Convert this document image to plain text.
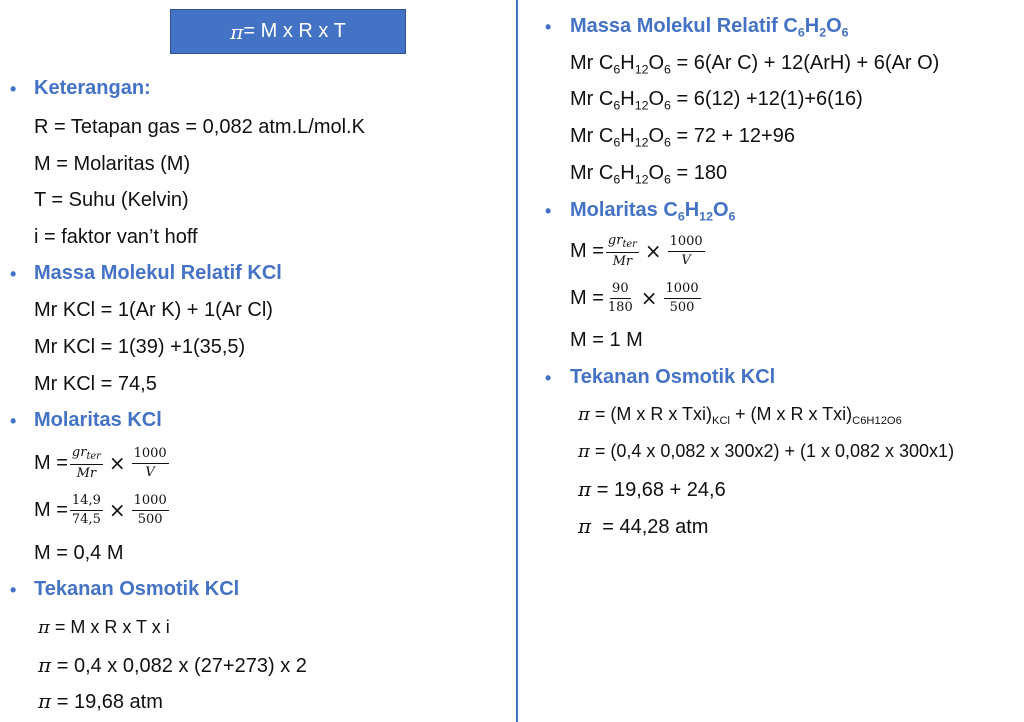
π = M x R x T
• Keterangan:
R = Tetapan gas = 0,082 atm.L/mol.K
M = Molaritas (M)
T = Suhu (Kelvin)
i = faktor van’t hoff
• Massa Molekul Relatif KCl
Mr KCl = 1(Ar K) + 1(Ar Cl)
Mr KCl = 1(39) +1(35,5)
Mr KCl = 74,5
• Molaritas KCl
$M = \frac{gr_{ter}}{Mr} \times \frac{1000}{V}$
$M = \frac{14,9}{74,5} \times \frac{1000}{500}$
M = 0,4 M
• Tekanan Osmotik KCl
π = M x R x T x i
π = 0,4 x 0,082 x (27+273) x 2
π = 19,68 atm
• Massa Molekul Relatif $C_6H_2O_6$
Mr $C_6H_{12}O_6 = 6(Ar$ C) + 12(ArH) + 6(Ar O)
Mr $C_6H_{12}O_6 = 6(12) +12(1)+6(16)$
Mr $C_6H_{12}O_6 = 72 + 12+96$
Mr $C_6H_{12}O_6 = 180$
• Molaritas $C_6H_{12}O_6$
$M = \frac{gr_{ter}}{Mr} \times \frac{1000}{V}$
$M = \frac{90}{180} \times \frac{1000}{500}$
M = 1 M
• Tekanan Osmotik KCl
π = (M x R x $Txi)_{KCl} + (M$ x R x $Txi)_{C6H12O6}$
π = (0,4 x 0,082 x 300x2) + (1 x 0,082 x 300x1)
π = 19,68 + 24,6
π  = 44,28 atm
